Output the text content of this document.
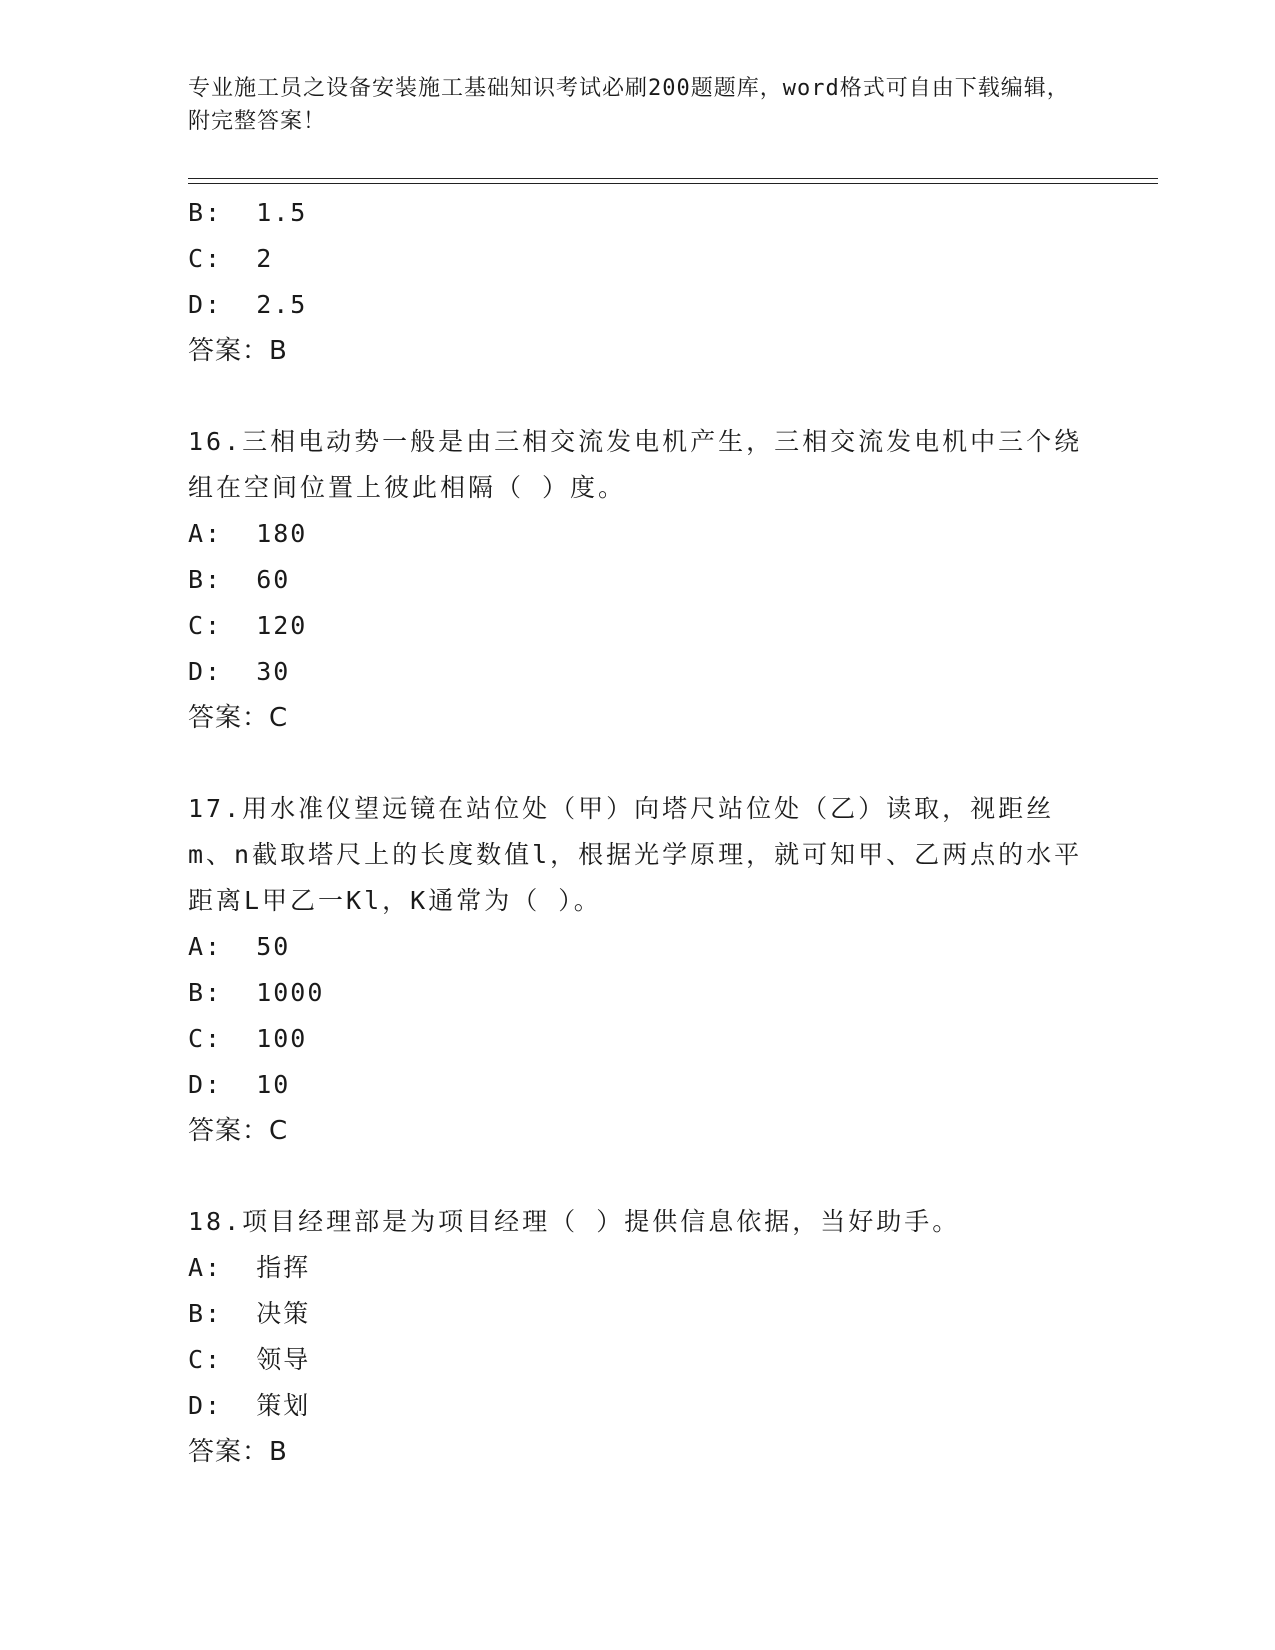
专业施工员之设备安装施工基础知识考试必刷200题题库，word格式可自由下载编辑，附完整答案！
B:  1.5
C:  2
D:  2.5
答案：B
16.三相电动势一般是由三相交流发电机产生，三相交流发电机中三个绕组在空间位置上彼此相隔（ ）度。
A:  180
B:  60
C:  120
D:  30
答案：C
17.用水准仪望远镜在站位处（甲）向塔尺站位处（乙）读取，视距丝m、n截取塔尺上的长度数值l，根据光学原理，就可知甲、乙两点的水平距离L甲乙一Kl，K通常为（ ）。
A:  50
B:  1000
C:  100
D:  10
答案：C
18.项目经理部是为项目经理（ ）提供信息依据，当好助手。
A:  指挥
B:  决策
C:  领导
D:  策划
答案：B
